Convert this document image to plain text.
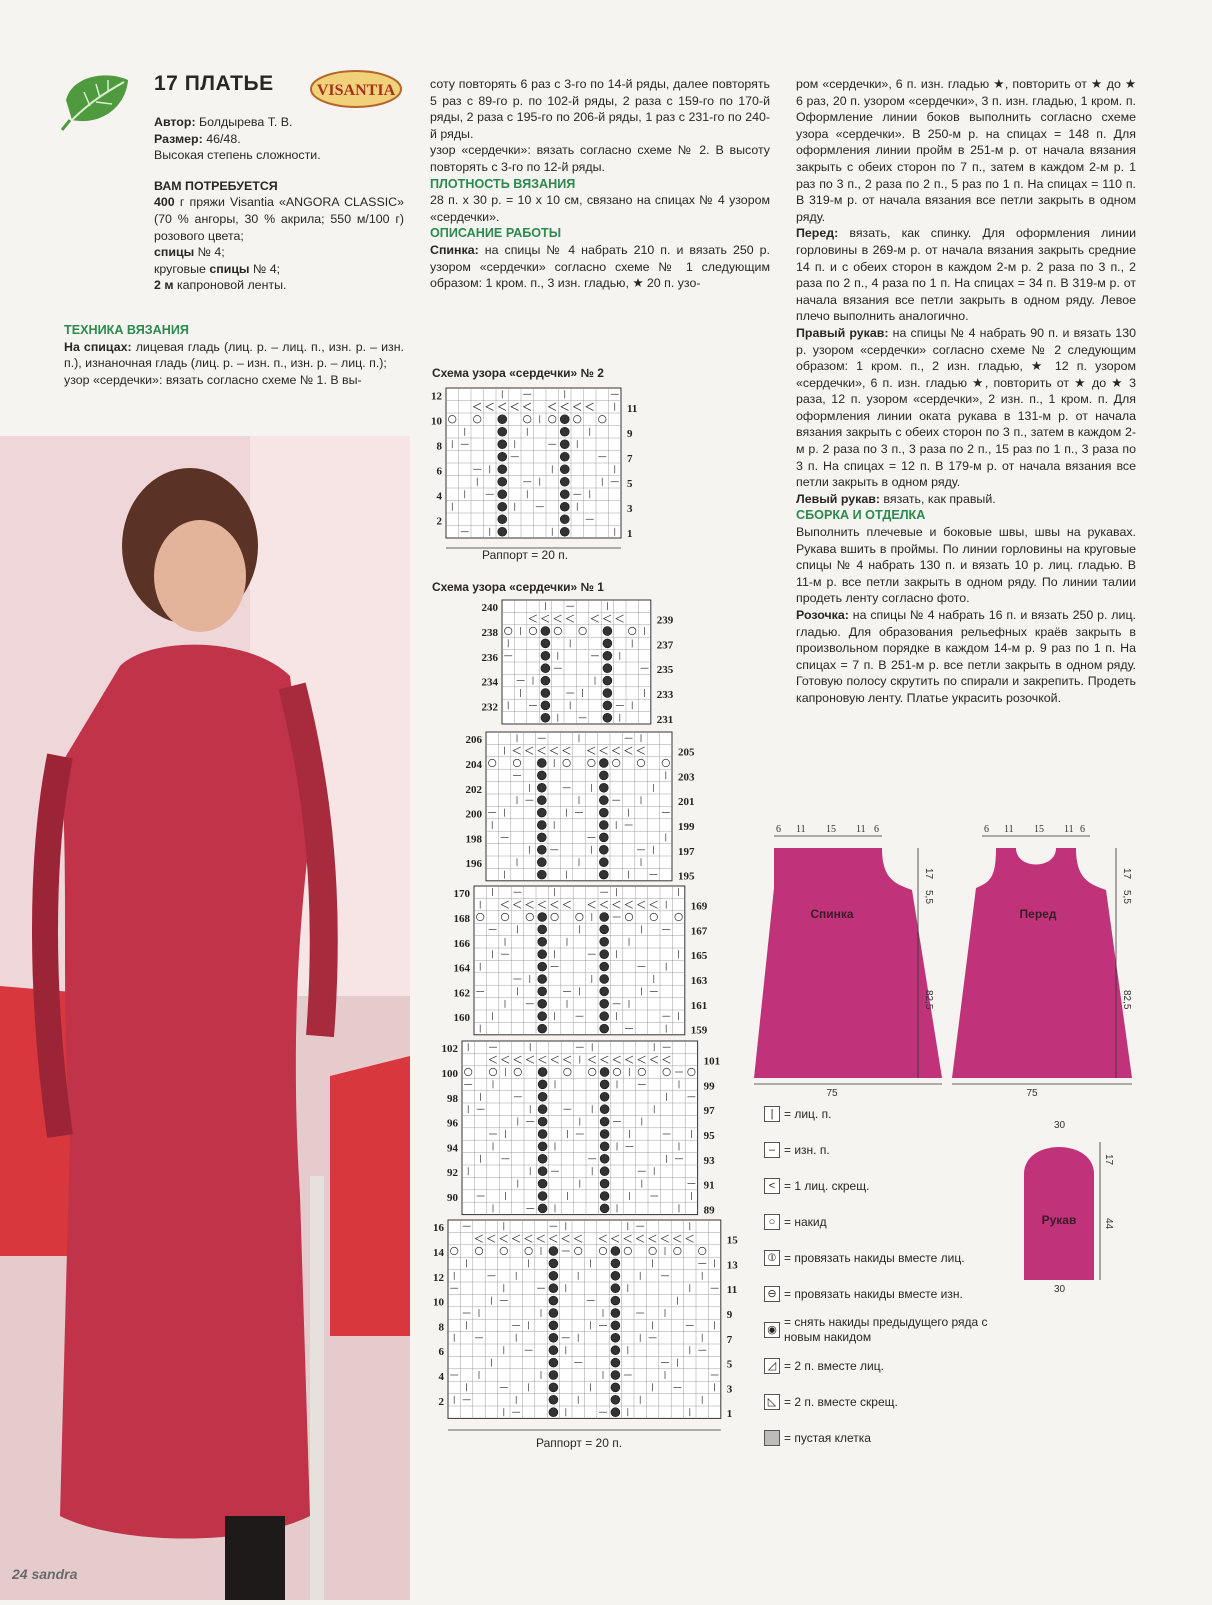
17 ПЛАТЬЕ	VISANTIA

Автор: Болдырева Т. В.

Размер: 46/48.

Высокая степень сложности.

ВАМ ПОТРЕБУЕТСЯ

400 г пряжи Visantia «ANGORA CLASSIC» (70 % ангоры, 30 % акрила; 550 м/100 г) розового цвета;

спицы № 4;

круговые спицы № 4;

2 м капроновой ленты.

ТЕХНИКА ВЯЗАНИЯ

На спицах: лицевая гладь (лиц. р. – лиц. п., изн. р. – изн. п.), изнаночная гладь (лиц. р. – изн. п., изн. р. – лиц. п.);

узор «сердечки»: вязать согласно схеме № 1. В вы-

соту повторять 6 раз с 3-го по 14-й ряды, далее повторять 5 раз с 89-го р. по 102-й ряды, 2 раза с 159-го по 170-й ряды, 2 раза с 195-го по 206-й ряды, 1 раз с 231-го по 240-й ряды.

узор «сердечки»: вязать согласно схеме № 2. В высоту повторять с 3-го по 12-й ряды.

ПЛОТНОСТЬ ВЯЗАНИЯ

28 п. х 30 р. = 10 х 10 см, связано на спицах № 4 узором «сердечки».

ОПИСАНИЕ РАБОТЫ

Спинка: на спицы № 4 набрать 210 п. и вязать 250 р. узором «сердечки» согласно схеме № 1 следующим образом: 1 кром. п., 3 изн. гладью, ★ 20 п. узо-

Схема узора «сердечки» № 2
12
10
8
6
4
2
11
9
7
5
3
1
Раппорт = 20 п.
Схема узора «сердечки» № 1
240
238
236
234
232
239
237
235
233
231
206
204
202
200
198
196
205
203
201
199
197
195
170
168
166
164
162
160
169
167
165
163
161
159
102
100
98
96
94
92
90
101
99
97
95
93
91
89
16
14
12
10
8
6
4
2
15
13
11
9
7
5
3
1
Раппорт = 20 п.

ром «сердечки», 6 п. изн. гладью ★, повторить от ★ до ★ 6 раз, 20 п. узором «сердечки», 3 п. изн. гладью, 1 кром. п. Оформление линии боков выполнить согласно схеме узора «сердечки». В 250-м р. на спицах = 148 п. Для оформления линии пройм в 251-м р. от начала вязания закрыть с обеих сторон по 7 п., затем в каждом 2-м р. 1 раз по 3 п., 2 раза по 2 п., 5 раз по 1 п. На спицах = 110 п. В 319-м р. от начала вязания все петли закрыть в одном ряду.

Перед: вязать, как спинку. Для оформления линии горловины в 269-м р. от начала вязания закрыть средние 14 п. и с обеих сторон в каждом 2-м р. 2 раза по 3 п., 2 раза по 2 п., 4 раза по 1 п. На спицах = 34 п. В 319-м р. от начала вязания все петли закрыть в одном ряду. Левое плечо выполнить аналогично.

Правый рукав: на спицы № 4 набрать 90 п. и вязать 130 р. узором «сердечки» согласно схеме № 2 следующим образом: 1 кром. п., 2 изн. гладью, ★ 12 п. узором «сердечки», 6 п. изн. гладью ★, повторить от ★ до ★ 3 раза, 12 п. узором «сердечки», 2 изн. п., 1 кром. п. Для оформления линии оката рукава в 131-м р. от начала вязания закрыть с обеих сторон по 3 п., затем в каждом 2-м р. 2 раза по 3 п., 3 раза по 2 п., 15 раз по 1 п., 3 раза по 3 п. На спицах = 12 п. В 179-м р. от начала вязания все петли закрыть в одном ряду.

Левый рукав: вязать, как правый.

СБОРКА И ОТДЕЛКА

Выполнить плечевые и боковые швы, швы на рукавах. Рукава вшить в проймы. По линии горловины на круговые спицы № 4 набрать 130 п. и вязать 10 р. лиц. гладью. В 11-м р. все петли закрыть в одном ряду. По линии талии продеть ленту согласно фото.

Розочка: на спицы № 4 набрать 16 п. и вязать 250 р. лиц. гладью. Для образования рельефных краёв закрыть в произвольном порядке в каждом 14-м р. 9 раз по 1 п. На спицах = 7 п. В 251-м р. все петли закрыть в одном ряду. Готовую полосу скрутить по спирали и закрепить. Продеть капроновую ленту. Платье украсить розочкой.

6 11 15 11 6
Спинка
17
5,5
82,5
75
6 11 15 11 6
Перед
17
5,5
82,5
75
30
Рукав
17
44
30
| = лиц. п.
– = изн. п.
< = 1 лиц. скрещ.
○ = накид
⦶ = провязать накиды вместе лиц.
⊖ = провязать накиды вместе изн.
◉
= снять накиды предыдущего ряда с новым накидом
◿ = 2 п. вместе лиц.
◺ = 2 п. вместе скрещ.
= пустая клетка
24 sandra
